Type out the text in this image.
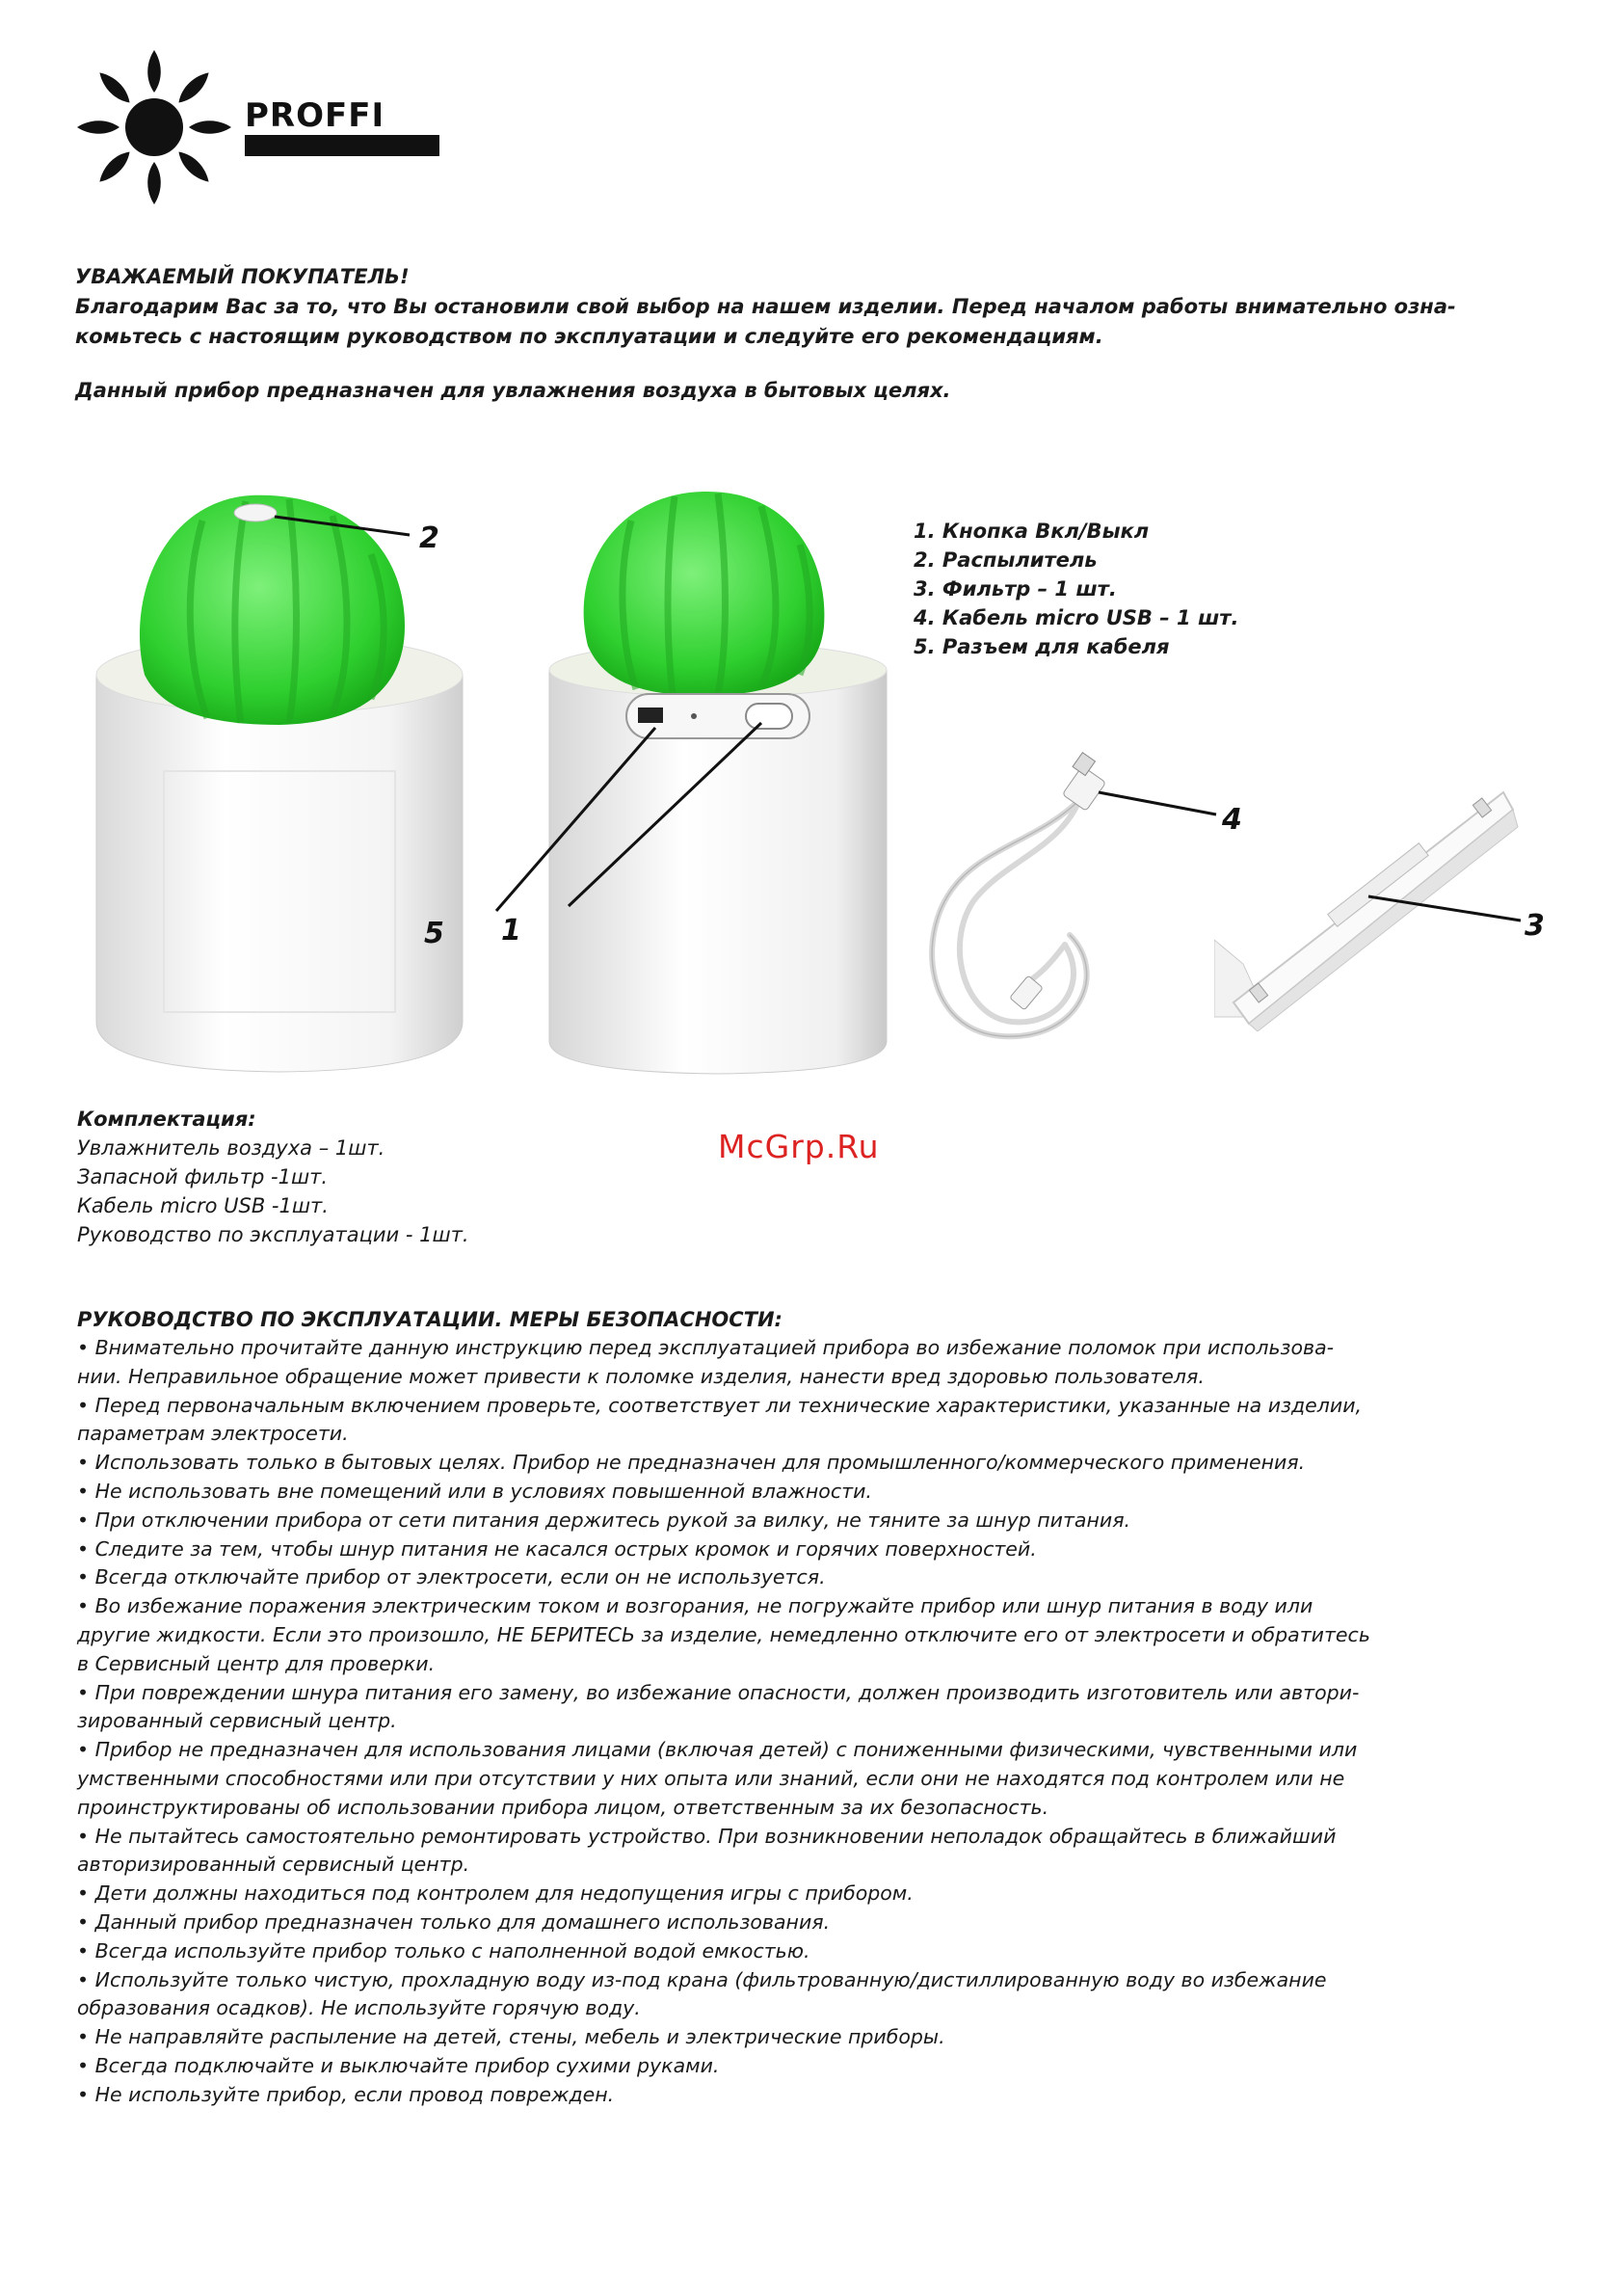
PROFFI

УВАЖАЕМЫЙ ПОКУПАТЕЛЬ!

Благодарим Вас за то, что Вы остановили свой выбор на нашем изделии. Перед началом работы внимательно озна-

комьтесь с настоящим руководством по эксплуатации и следуйте его рекомендациям.

Данный прибор предназначен для увлажнения воздуха в бытовых целях.

2
5 1
1. Кнопка Вкл/Выкл
2. Распылитель
3. Фильтр – 1 шт.
4. Кабель micro USB – 1 шт.
5. Разъем для кабеля
4
3
Комплектация:
Увлажнитель воздуха – 1шт.
Запасной фильтр -1шт.
Кабель micro USB -1шт.
Руководство по эксплуатации - 1шт.
McGrp.Ru
РУКОВОДСТВО ПО ЭКСПЛУАТАЦИИ. МЕРЫ БЕЗОПАСНОСТИ:
• Внимательно прочитайте данную инструкцию перед эксплуатацией прибора во избежание поломок при использова-
нии. Неправильное обращение может привести к поломке изделия, нанести вред здоровью пользователя.
• Перед первоначальным включением проверьте, соответствует ли технические характеристики, указанные на изделии,
параметрам электросети.
• Использовать только в бытовых целях. Прибор не предназначен для промышленного/коммерческого применения.
• Не использовать вне помещений или в условиях повышенной влажности.
• При отключении прибора от сети питания держитесь рукой за вилку, не тяните за шнур питания.
• Следите за тем, чтобы шнур питания не касался острых кромок и горячих поверхностей.
• Всегда отключайте прибор от электросети, если он не используется.
• Во избежание поражения электрическим током и возгорания, не погружайте прибор или шнур питания в воду или
другие жидкости. Если это произошло, НЕ БЕРИТЕСЬ за изделие, немедленно отключите его от электросети и обратитесь
в Сервисный центр для проверки.
• При повреждении шнура питания его замену, во избежание опасности, должен производить изготовитель или автори-
зированный сервисный центр.
• Прибор не предназначен для использования лицами (включая детей) с пониженными физическими, чувственными или
умственными способностями или при отсутствии у них опыта или знаний, если они не находятся под контролем или не
проинструктированы об использовании прибора лицом, ответственным за их безопасность.
• Не пытайтесь самостоятельно ремонтировать устройство. При возникновении неполадок обращайтесь в ближайший
авторизированный сервисный центр.
• Дети должны находиться под контролем для недопущения игры с прибором.
• Данный прибор предназначен только для домашнего использования.
• Всегда используйте прибор только с наполненной водой емкостью.
• Используйте только чистую, прохладную воду из-под крана (фильтрованную/дистиллированную воду во избежание
образования осадков). Не используйте горячую воду.
• Не направляйте распыление на детей, стены, мебель и электрические приборы.
• Всегда подключайте и выключайте прибор сухими руками.
• Не используйте прибор, если провод поврежден.
